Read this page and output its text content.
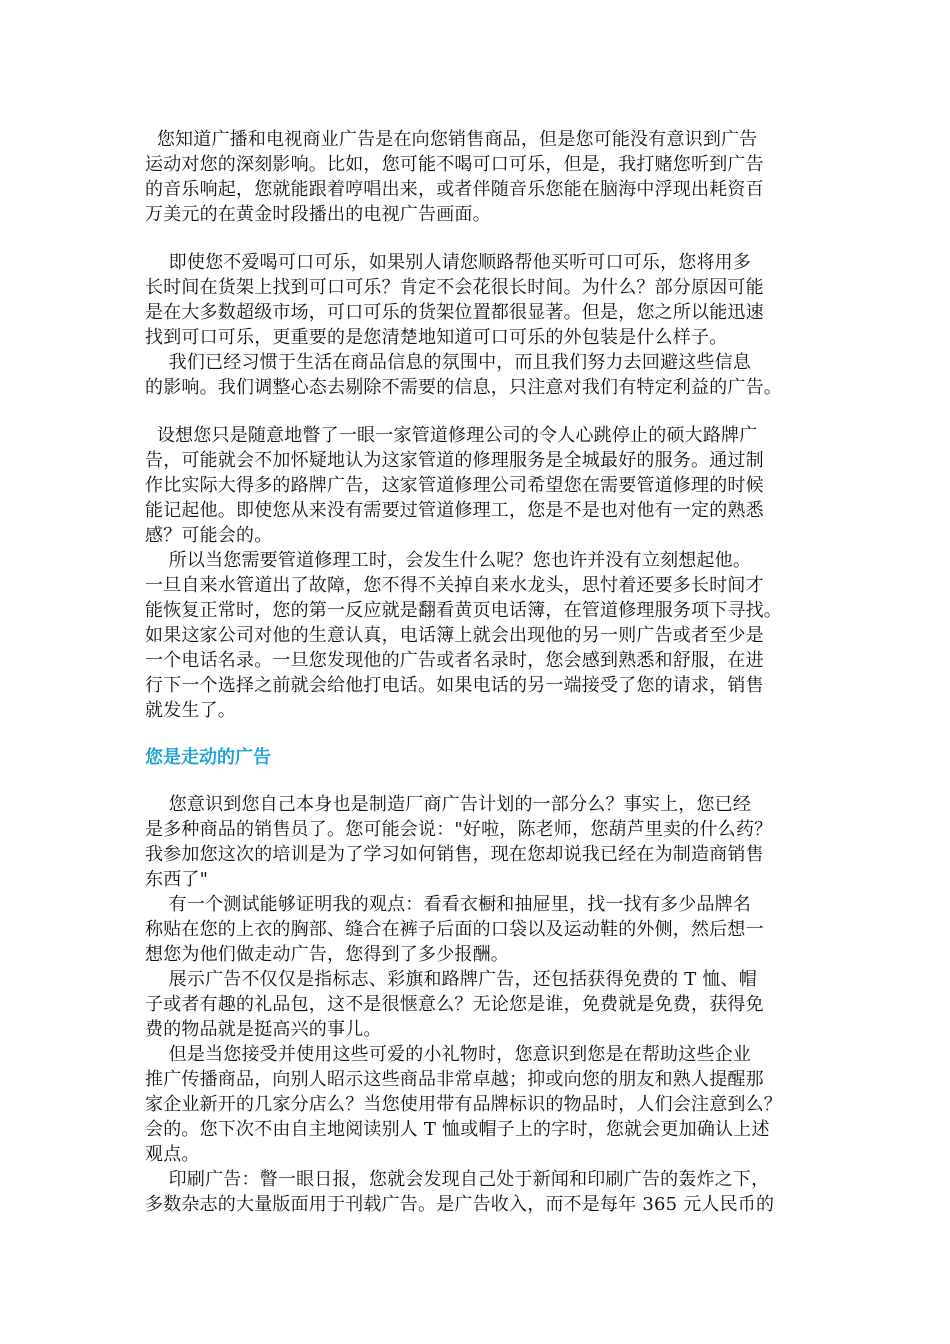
您知道广播和电视商业广告是在向您销售商品，但是您可能没有意识到广告
运动对您的深刻影响。比如，您可能不喝可口可乐，但是，我打赌您听到广告
的音乐响起，您就能跟着哼唱出来，或者伴随音乐您能在脑海中浮现出耗资百
万美元的在黄金时段播出的电视广告画面。
即使您不爱喝可口可乐，如果别人请您顺路帮他买听可口可乐，您将用多
长时间在货架上找到可口可乐？肯定不会花很长时间。为什么？部分原因可能
是在大多数超级市场，可口可乐的货架位置都很显著。但是，您之所以能迅速
找到可口可乐，更重要的是您清楚地知道可口可乐的外包装是什么样子。
我们已经习惯于生活在商品信息的氛围中，而且我们努力去回避这些信息
的影响。我们调整心态去剔除不需要的信息，只注意对我们有特定利益的广告。
设想您只是随意地瞥了一眼一家管道修理公司的令人心跳停止的硕大路牌广
告，可能就会不加怀疑地认为这家管道的修理服务是全城最好的服务。通过制
作比实际大得多的路牌广告，这家管道修理公司希望您在需要管道修理的时候
能记起他。即使您从来没有需要过管道修理工，您是不是也对他有一定的熟悉
感？可能会的。
所以当您需要管道修理工时，会发生什么呢？您也许并没有立刻想起他。
一旦自来水管道出了故障，您不得不关掉自来水龙头，思忖着还要多长时间才
能恢复正常时，您的第一反应就是翻看黄页电话簿，在管道修理服务项下寻找。
如果这家公司对他的生意认真，电话簿上就会出现他的另一则广告或者至少是
一个电话名录。一旦您发现他的广告或者名录时，您会感到熟悉和舒服，在进
行下一个选择之前就会给他打电话。如果电话的另一端接受了您的请求，销售
就发生了。
您是走动的广告
您意识到您自己本身也是制造厂商广告计划的一部分么？事实上，您已经
是多种商品的销售员了。您可能会说："好啦，陈老师，您葫芦里卖的什么药？
我参加您这次的培训是为了学习如何销售，现在您却说我已经在为制造商销售
东西了"
有一个测试能够证明我的观点：看看衣橱和抽屉里，找一找有多少品牌名
称贴在您的上衣的胸部、缝合在裤子后面的口袋以及运动鞋的外侧，然后想一
想您为他们做走动广告，您得到了多少报酬。
展示广告不仅仅是指标志、彩旗和路牌广告，还包括获得免费的 T 恤、帽
子或者有趣的礼品包，这不是很惬意么？无论您是谁，免费就是免费，获得免
费的物品就是挺高兴的事儿。
但是当您接受并使用这些可爱的小礼物时，您意识到您是在帮助这些企业
推广传播商品，向别人昭示这些商品非常卓越；抑或向您的朋友和熟人提醒那
家企业新开的几家分店么？当您使用带有品牌标识的物品时，人们会注意到么？
会的。您下次不由自主地阅读别人 T 恤或帽子上的字时，您就会更加确认上述
观点。
印刷广告：瞥一眼日报，您就会发现自己处于新闻和印刷广告的轰炸之下，
多数杂志的大量版面用于刊载广告。是广告收入，而不是每年 365 元人民币的
